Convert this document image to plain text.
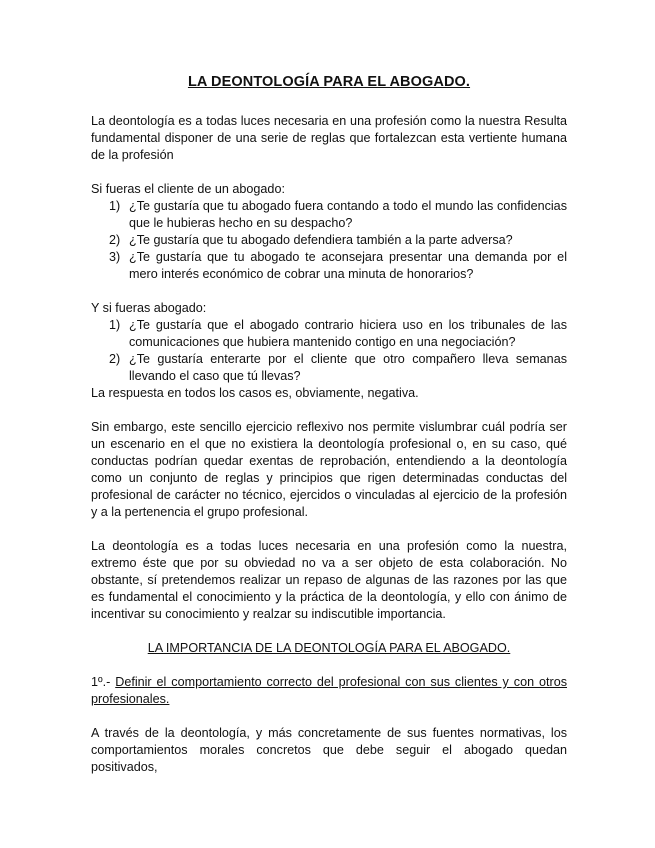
LA DEONTOLOGÍA PARA EL ABOGADO.

La deontología es a todas luces necesaria en una profesión como la nuestra Resulta fundamental disponer de una serie de reglas que fortalezcan esta vertiente humana de la profesión

Si fueras el cliente de un abogado:

1) ¿Te gustaría que tu abogado fuera contando a todo el mundo las confidencias que le hubieras hecho en su despacho?
2) ¿Te gustaría que tu abogado defendiera también a la parte adversa?
3) ¿Te gustaría que tu abogado te aconsejara presentar una demanda por el mero interés económico de cobrar una minuta de honorarios?

Y si fueras abogado:

1) ¿Te gustaría que el abogado contrario hiciera uso en los tribunales de las comunicaciones que hubiera mantenido contigo en una negociación?
2) ¿Te gustaría enterarte por el cliente que otro compañero lleva semanas llevando el caso que tú llevas?

La respuesta en todos los casos es, obviamente, negativa.

Sin embargo, este sencillo ejercicio reflexivo nos permite vislumbrar cuál podría ser un escenario en el que no existiera la deontología profesional o, en su caso, qué conductas podrían quedar exentas de reprobación, entendiendo a la deontología como un conjunto de reglas y principios que rigen determinadas conductas del profesional de carácter no técnico, ejercidos o vinculadas al ejercicio de la profesión y a la pertenencia el grupo profesional.

La deontología es a todas luces necesaria en una profesión como la nuestra, extremo éste que por su obviedad no va a ser objeto de esta colaboración. No obstante, sí pretendemos realizar un repaso de algunas de las razones por las que es fundamental el conocimiento y la práctica de la deontología, y ello con ánimo de incentivar su conocimiento y realzar su indiscutible importancia.

LA IMPORTANCIA DE LA DEONTOLOGÍA PARA EL ABOGADO.

1º.- Definir el comportamiento correcto del profesional con sus clientes y con otros profesionales.

A través de la deontología, y más concretamente de sus fuentes normativas, los comportamientos morales concretos que debe seguir el abogado quedan positivados,
